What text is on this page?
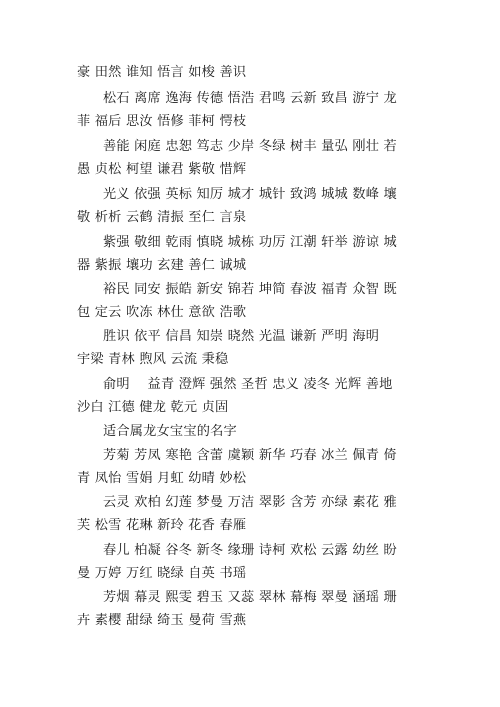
豪 田然 谁知 悟言 如梭 善识
松石 离席 逸海 传德 悟浩 君鸣 云新 致昌 游宁 龙
菲 福后 思汝 悟修 菲柯 愕枝
善能 闲庭 忠恕 笃志 少岸 冬绿 树丰 量弘 刚壮 若
愚 贞松 柯望 谦君 紫敬 惜辉
光义 依强 英标 知厉 城才 城针 致鸿 城城 数峰 壤
敬 析析 云鹤 清振 至仁 言泉
紫强 敬细 乾雨 慎晓 城栋 功厉 江潮 轩举 游谅 城
器 紫振 壤功 玄建 善仁 诚城
裕民 同安 振皓 新安 锦若 坤简 春波 福青 众智 既
包 定云 吹冻 林仕 意欲 浩歌
胜识 依平 信昌 知崇 晓然 光温 谦新 严明 海明
宇梁 青林 煦风 云流 秉稳
俞明　 益青 澄辉 强然 圣哲 忠义 凌冬 光辉 善地
沙白 江德 健龙 乾元 贞固
适合属龙女宝宝的名字
芳菊 芳凤 寒艳 含蕾 虞颖 新华 巧春 冰兰 佩青 倚
青 凤怡 雪娟 月虹 幼晴 妙松
云灵 欢柏 幻莲 梦曼 万洁 翠影 含芳 亦绿 素花 雅
芙 松雪 花琳 新玲 花香 春雁
春儿 柏凝 谷冬 新冬 缘珊 诗柯 欢松 云露 幼丝 盼
曼 万婷 万红 晓绿 自英 书瑶
芳烟 幕灵 熙雯 碧玉 又蕊 翠林 幕梅 翠曼 涵瑶 珊
卉 素樱 甜绿 绮玉 曼荷 雪燕
